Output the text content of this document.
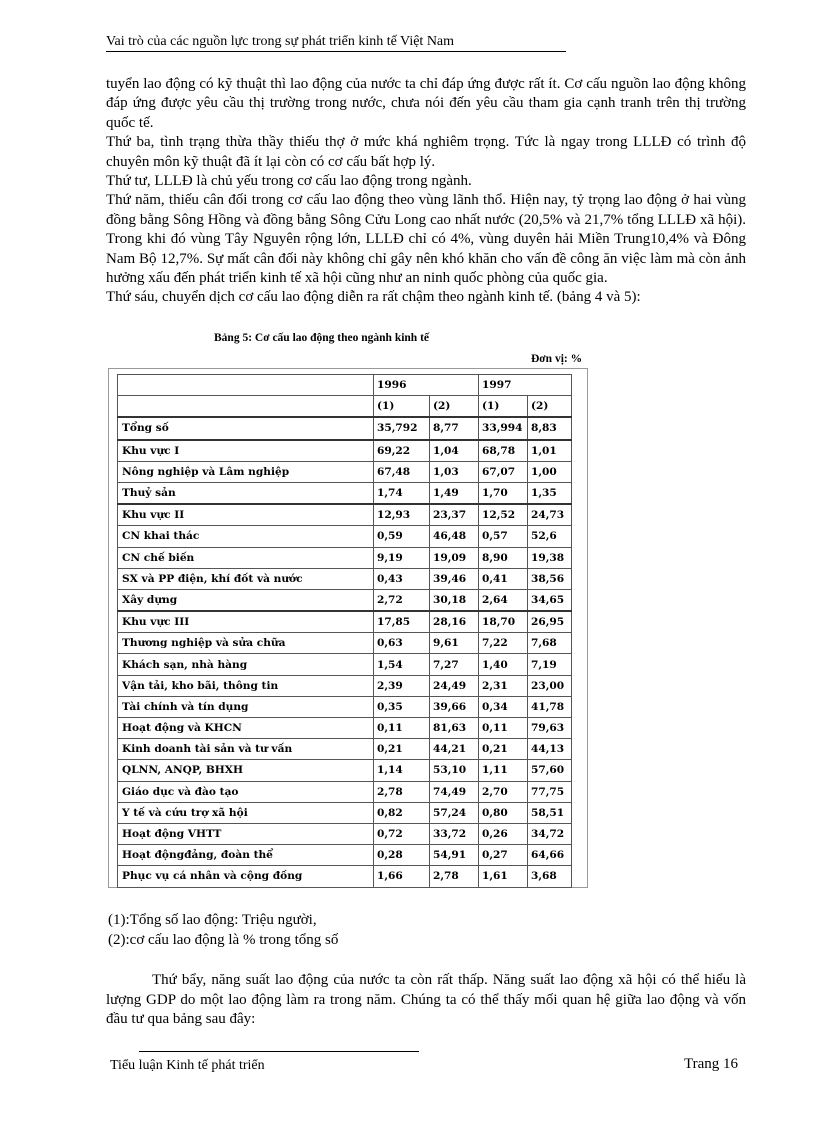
Vai trò của các nguồn lực trong sự phát triển kinh tế Việt Nam

tuyển lao động có kỹ thuật thì lao động của nước ta chỉ đáp ứng được rất ít. Cơ cấu nguồn lao động không đáp ứng được yêu cầu thị trường trong nước, chưa nói đến yêu cầu tham gia cạnh tranh trên thị trường quốc tế.

Thứ ba, tình trạng thừa thầy thiếu thợ ở mức khá nghiêm trọng. Tức là ngay trong LLLĐ có trình độ chuyên môn kỹ thuật đã ít lại còn có cơ cấu bất hợp lý.

Thứ tư, LLLĐ là chủ yếu trong cơ cấu lao động trong ngành.

Thứ năm, thiếu cân đối trong cơ cấu lao động theo vùng lãnh thổ. Hiện nay, tỷ trọng lao động ở hai vùng đồng bằng Sông Hồng và đồng bằng Sông Cửu Long cao nhất nước (20,5% và 21,7% tổng LLLĐ xã hội). Trong khi đó vùng Tây Nguyên rộng lớn, LLLĐ chỉ có 4%, vùng duyên hải Miền Trung10,4% và Đông Nam Bộ 12,7%. Sự mất cân đối này không chỉ gây nên khó khăn cho vấn đề công ăn việc làm mà còn ảnh hưởng xấu đến phát triển kinh tế xã hội cũng như an ninh quốc phòng của quốc gia.

Thứ sáu, chuyển dịch cơ cấu lao động diễn ra rất chậm theo ngành kinh tế. (bảng 4 và 5):

Bảng 5: Cơ cấu lao động theo ngành kinh tế
Đơn vị: %
	1996		1997	
	(1)	(2)	(1)	(2)
Tổng số	35,792	8,77	33,994	8,83
Khu vực I	69,22	1,04	68,78	1,01
Nông nghiệp và Lâm nghiệp	67,48	1,03	67,07	1,00
Thuỷ sản	1,74	1,49	1,70	1,35
Khu vực II	12,93	23,37	12,52	24,73
CN khai thác	0,59	46,48	0,57	52,6
CN chế biến	9,19	19,09	8,90	19,38
SX và PP điện, khí đốt và nước	0,43	39,46	0,41	38,56
Xây dựng	2,72	30,18	2,64	34,65
Khu vực III	17,85	28,16	18,70	26,95
Thương nghiệp và sửa chữa	0,63	9,61	7,22	7,68
Khách sạn, nhà hàng	1,54	7,27	1,40	7,19
Vận tải, kho bãi, thông tin	2,39	24,49	2,31	23,00
Tài chính và tín dụng	0,35	39,66	0,34	41,78
Hoạt động và KHCN	0,11	81,63	0,11	79,63
Kinh doanh tài sản và tư vấn	0,21	44,21	0,21	44,13
QLNN, ANQP, BHXH	1,14	53,10	1,11	57,60
Giáo dục và đào tạo	2,78	74,49	2,70	77,75
Y tế và cứu trợ xã hội	0,82	57,24	0,80	58,51
Hoạt động VHTT	0,72	33,72	0,26	34,72
Hoạt độngđảng, đoàn thể	0,28	54,91	0,27	64,66
Phục vụ cá nhân và cộng đồng	1,66	2,78	1,61	3,68
(1):Tổng số lao động: Triệu người,
(2):cơ cấu lao động là % trong tổng số
Thứ bẩy, năng suất lao động của nước ta còn rất thấp. Năng suất lao động xã hội có thể hiểu là lượng GDP do một lao động làm ra trong năm. Chúng ta có thể thấy mối quan hệ giữa lao động và vốn đầu tư qua bảng sau đây:
Tiểu luận Kinh tế phát triển	Trang 16
